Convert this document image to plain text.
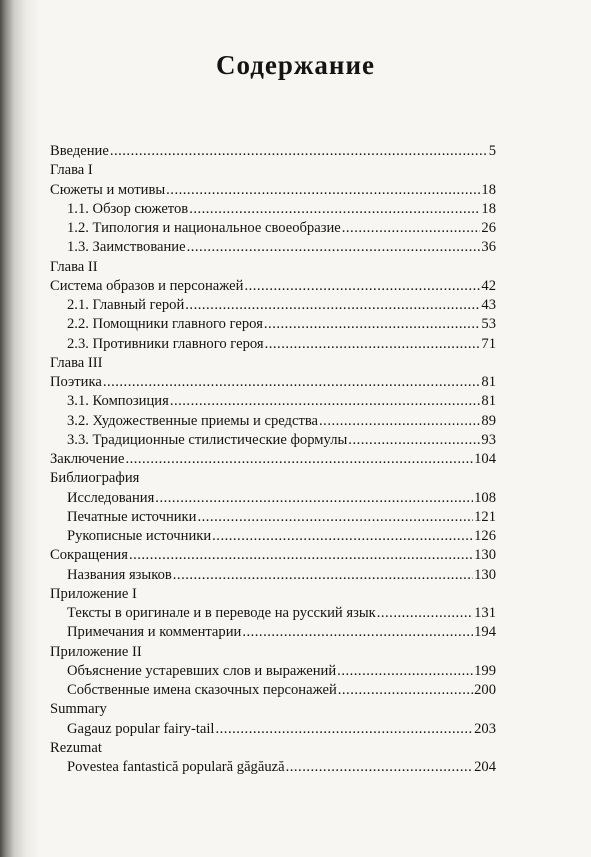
Содержание
Введение .....	5
Глава I
Сюжеты и мотивы .....	18
1.1. Обзор сюжетов .....	18
1.2. Типология и национальное своеобразие .....	26
1.3. Заимствование .....	36
Глава II
Система образов и персонажей .....	42
2.1. Главный герой .....	43
2.2. Помощники главного героя .....	53
2.3. Противники главного героя .....	71
Глава III
Поэтика .....	81
3.1. Композиция .....	81
3.2. Художественные приемы и средства .....	89
3.3. Традиционные стилистические формулы .....	93
Заключение .....	104
Библиография
Исследования .....	108
Печатные источники .....	121
Рукописные источники .....	126
Сокращения .....	130
Названия языков .....	130
Приложение I
Тексты в оригинале и в переводе на русский язык .....	131
Примечания и комментарии .....	194
Приложение II
Объяснение устаревших слов и выражений .....	199
Собственные имена сказочных персонажей .....	200
Summary
Gagauz popular fairy-tail .....	203
Rezumat
Povestea fantastică populară găgăuză .....	204
